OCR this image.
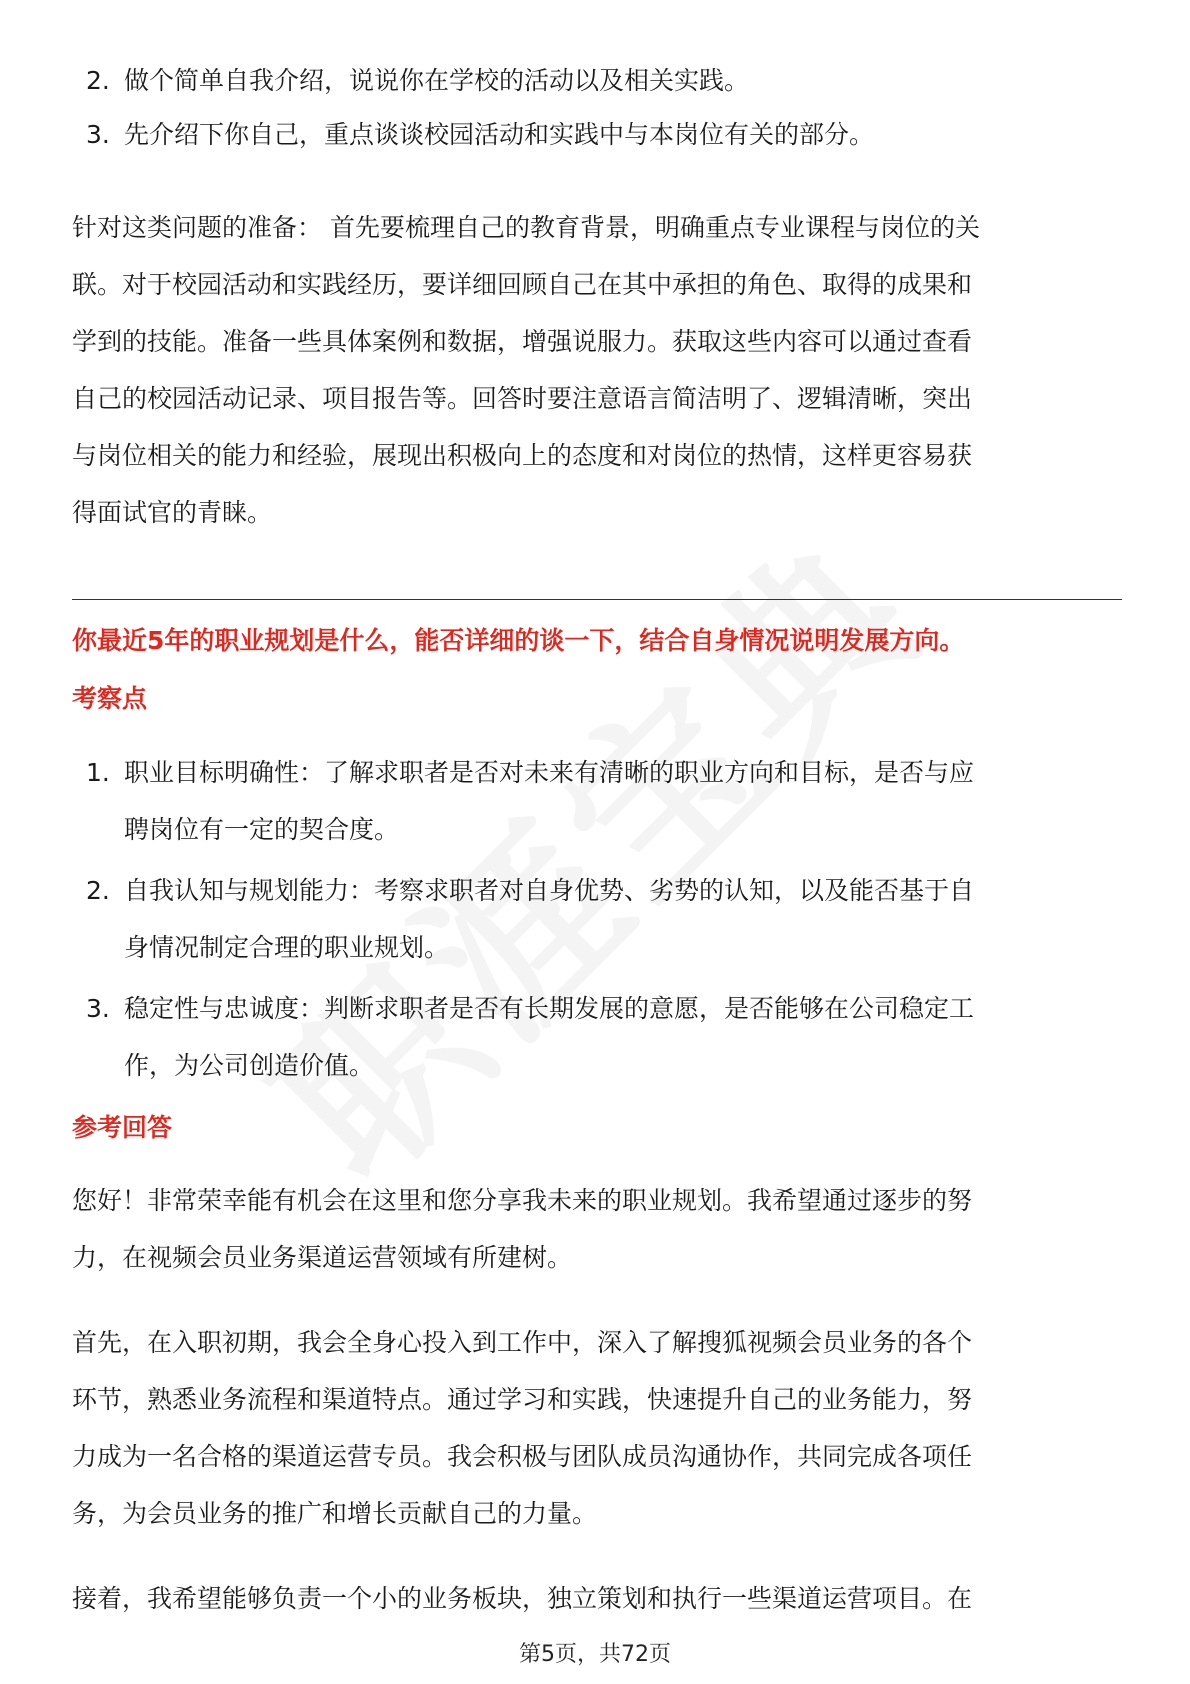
2. 做个简单自我介绍，说说你在学校的活动以及相关实践。
3. 先介绍下你自己，重点谈谈校园活动和实践中与本岗位有关的部分。
针对这类问题的准备： 首先要梳理自己的教育背景，明确重点专业课程与岗位的关
联。对于校园活动和实践经历，要详细回顾自己在其中承担的角色、取得的成果和
学到的技能。准备一些具体案例和数据，增强说服力。获取这些内容可以通过查看
自己的校园活动记录、项目报告等。回答时要注意语言简洁明了、逻辑清晰，突出
与岗位相关的能力和经验，展现出积极向上的态度和对岗位的热情，这样更容易获
得面试官的青睐。
你最近5年的职业规划是什么，能否详细的谈一下，结合自身情况说明发展方向。
考察点
1. 职业目标明确性：了解求职者是否对未来有清晰的职业方向和目标，是否与应
聘岗位有一定的契合度。
2. 自我认知与规划能力：考察求职者对自身优势、劣势的认知，以及能否基于自
身情况制定合理的职业规划。
3. 稳定性与忠诚度：判断求职者是否有长期发展的意愿，是否能够在公司稳定工
作，为公司创造价值。
参考回答
您好！非常荣幸能有机会在这里和您分享我未来的职业规划。我希望通过逐步的努
力，在视频会员业务渠道运营领域有所建树。
首先，在入职初期，我会全身心投入到工作中，深入了解搜狐视频会员业务的各个
环节，熟悉业务流程和渠道特点。通过学习和实践，快速提升自己的业务能力，努
力成为一名合格的渠道运营专员。我会积极与团队成员沟通协作，共同完成各项任
务，为会员业务的推广和增长贡献自己的力量。
接着，我希望能够负责一个小的业务板块，独立策划和执行一些渠道运营项目。在
第5页，共72页
